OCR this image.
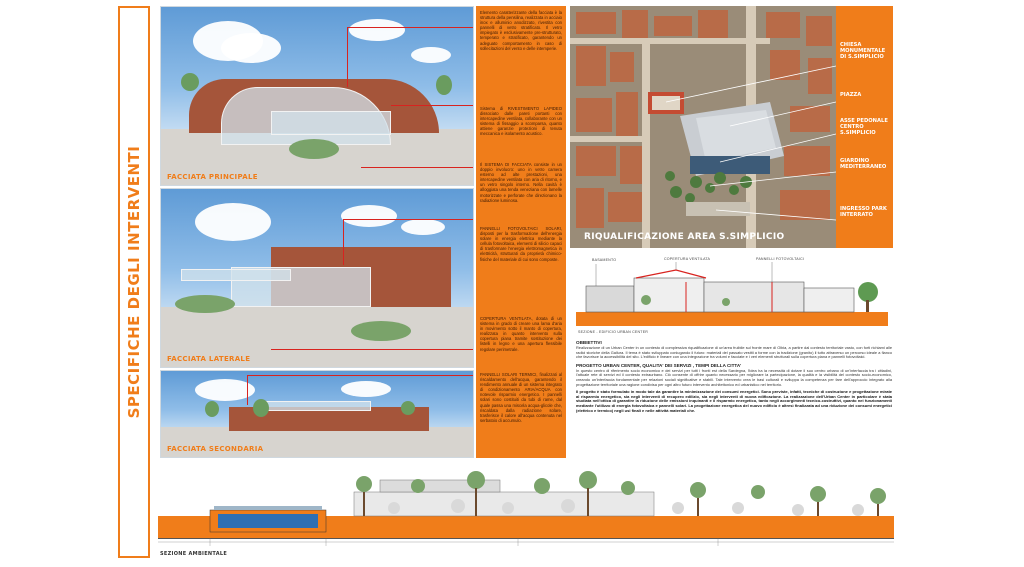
SPECIFICHE DEGLI INTERVENTI	FACCIATA PRINCIPALE
FACCIATA LATERALE
FACCIATA SECONDARIA
Elemento caratterizzante della facciata è la struttura della pensilina, realizzata in acciaio inox e alluminio anodizzato, rivestita con pannelli di vetro stratificato. Il vetro impiegato è esclusivamente pre-strutturato, temperato e stratificato, garantendo un adeguato comportamento in caso di sollecitazioni del vento e delle intemperie.
Sistema di RIVESTIMENTO LAPIDEO dissociato dalle pareti portanti con intercapedine ventilata, collaborante con un sistema di fissaggio a scomparsa, quanto attiene garanzie protezioni di tenuta meccanica e isolamento acustico.
Il SISTEMA DI FACCIATA consiste in un doppio involucro: uno in vetro camera esterno ad alte prestazioni, una intercapedine ventilata con aria di ritorno, e un vetro singolo interno. Nella cavità è alloggiata una tenda veneziana con lamelle motorizzate e perforate che direzionano la radiazione luminosa.
PANNELLI FOTOVOLTAICI SOLARI, disposti per la trasformazione dell'energia solare in energia elettrica mediante la cellula fotovoltaica, elementi di silicio capaci di trasformare l'energia elettromagnetica in elettricità, strutturati da proprietà chimico-fisiche del materiale di cui sono composte.
COPERTURA VENTILATA, dotata di un sistema in grado di creare una lama d'aria in movimento sotto il manto di copertura, realizzata in quanto intervento sulla copertura piana tramite sostituzione dei listelli in legno e una apertura flessibile regolare perimetrale.
PANNELLI SOLARI TERMICI, finalizzati al riscaldamento dell'acqua, garantendo il rendimento annuale di un sistema integrato di condizionamento ARIA/ACQUA con notevole risparmio energetico. I pannelli solari sono costituiti da tubi di rame, dal quale passa una miscela acqua-glicole che, riscaldata dalla radiazione solare, trasferisce il calore all'acqua contenuta nel serbatoio di accumulo.
RIQUALIFICAZIONE AREA S.SIMPLICIO
CHIESA MONUMENTALE DI S.SIMPLICIO
PIAZZA
ASSE PEDONALE CENTRO S.SIMPLICIO
GIARDINO MEDITERRANEO
INGRESSO PARK INTERRATO
BASAMENTO	COPERTURA VENTILATA	PANNELLI FOTOVOLTAICI
SEZIONE - EDIFICIO URBAN CENTER
OBBIETTIVI
Realizzazione di un Urban Center in un contesto di complessiva riqualificazione di un'area fruibile sul fronte mare di Olbia, a partire dal contesto territoriale vasto, con forti richiami alle radici storiche della Gallura. Il tema è stato sviluppato coniugando il futuro: materiali del passato vestiti a forme con la tradizione (granito) il tutto attraverso un percorso ideale a fianco che favorisce la accessibilità del sito. L'edificio è lineare con una integrazione tra volumi e facciate e i veri elementi strutturali sulla copertura piana e pannelli fotovoltaici.
PROGETTO URBAN CENTER, QUALITA' DEI SERVIZI , TEMPI DELLA CITTA'
In questo centro di riferimento socio economico e dei servizi per tutti i fronti est della Sardegna, l'idea ha la necessità di dotare il suo centro urbano di un'interfaccia tra i cittadini, l'attuale rete di servizi ed il contesto extraurbano. Ciò consente di offrire quanto necessario per migliorare la partecipazione, la qualità e la visibilità del contesto socio-economico, creando un'interfaccia fondamentale per relazioni sociali significative e stabili. Tale intervento crea le basi culturali e sviluppa la competenza per fare dell'approccio integrato alla progettazione territoriale una ragione condivisa per ogni altro futuro intervento architettonico ed urbanistico nel territorio.
Il progetto è stato formulato in modo tale da garantire la minimizzazione dei consumi energetici. Sono previste, infatti, tecniche di costruzione e progettazione mirate al risparmio energetico, sia negli interventi di recupero edilizio, sia negli interventi di nuova edificazione. La realizzazione dell'Urban Center in particolare è stata studiata nell'ottica di garantire la riduzione delle emissioni inquinanti e il risparmio energetico, tanto negli accorgimenti tecnico-costruttivi, quanto nei funzionamenti mediante l'utilizzo di energia fotovoltaica e pannelli solari. La progettazione energetica del nuovo edificio è altresì finalizzata ad una riduzione dei consumi energetici (elettrico e termico) negli usi finali e nelle attività materiali che.
SEZIONE AMBIENTALE
